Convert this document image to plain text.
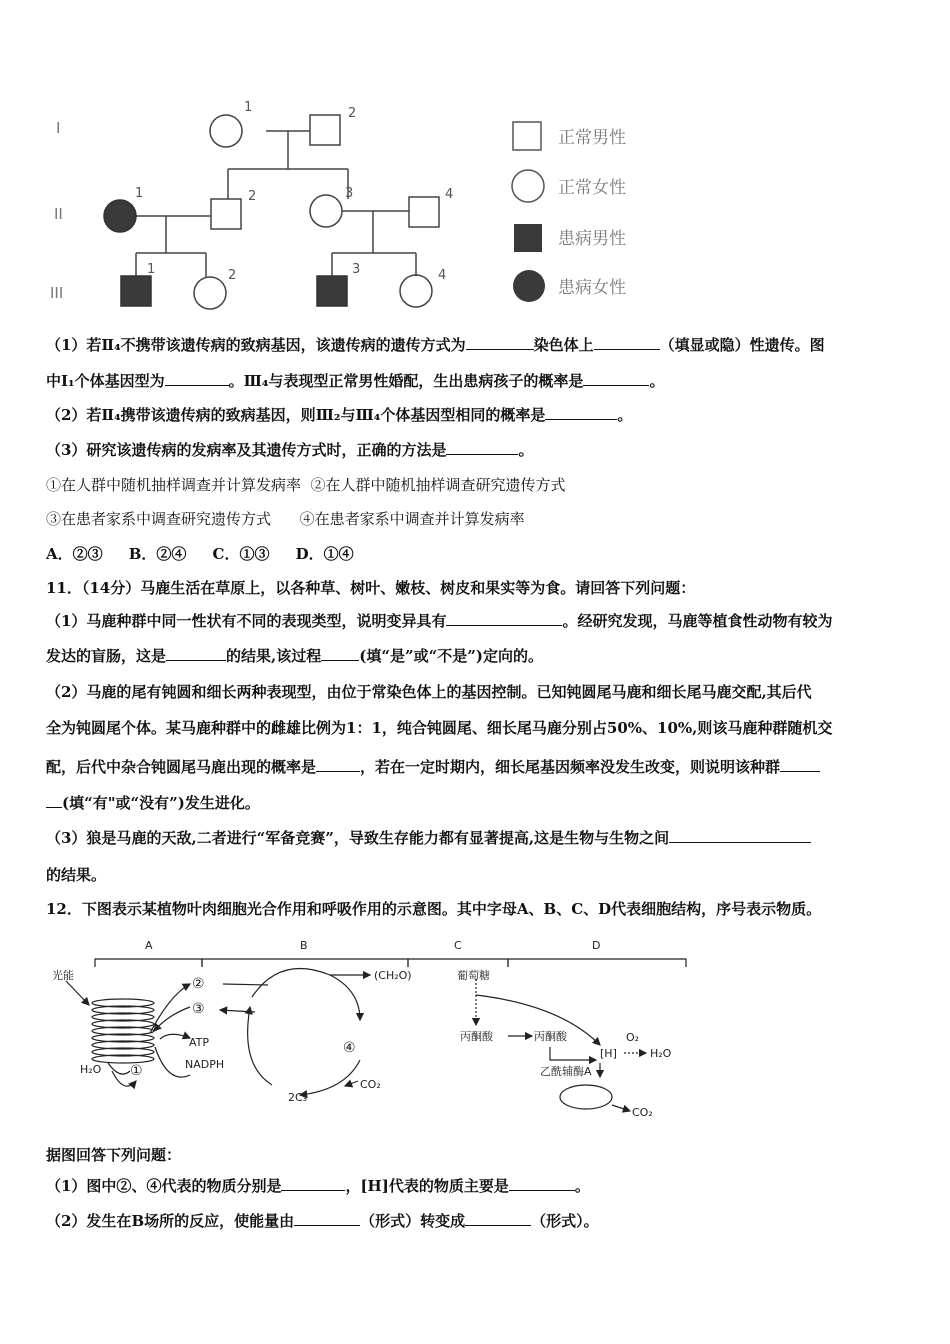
I
II
III
1	2
1	2	3	4
1	2	3	4
正常男性
正常女性
患病男性
患病女性
（1）若Ⅱ₄不携带该遗传病的致病基因，该遗传病的遗传方式为	染色体上	（填显或隐）性遗传。图
中Ⅰ₁个体基因型为	。Ⅲ₄与表现型正常男性婚配，生出患病孩子的概率是	。
（2）若Ⅱ₄携带该遗传病的致病基因，则Ⅲ₂与Ⅲ₄个体基因型相同的概率是	。
（3）研究该遗传病的发病率及其遗传方式时，正确的方法是	。
①在人群中随机抽样调查并计算发病率  ②在人群中随机抽样调查研究遗传方式
③在患者家系中调查研究遗传方式      ④在患者家系中调查并计算发病率
A．②③     B．②④     C．①③     D．①④
11．（14分）马鹿生活在草原上，以各种草、树叶、嫩枝、树皮和果实等为食。请回答下列问题：
（1）马鹿种群中同一性状有不同的表现类型，说明变异具有	。经研究发现，马鹿等植食性动物有较为
发达的盲肠，这是	的结果,该过程	(填“是”或“不是”)定向的。
（2）马鹿的尾有钝圆和细长两种表现型，由位于常染色体上的基因控制。已知钝圆尾马鹿和细长尾马鹿交配,其后代
全为钝圆尾个体。某马鹿种群中的雌雄比例为1：1，纯合钝圆尾、细长尾马鹿分别占50%、10%,则该马鹿种群随机交
配，后代中杂合钝圆尾马鹿出现的概率是	，若在一定时期内，细长尾基因频率没发生改变，则说明该种群
(填“有"或“没有”)发生进化。
（3）狼是马鹿的天敌,二者进行“军备竞赛”，导致生存能力都有显著提高,这是生物与生物之间
的结果。
12．下图表示某植物叶肉细胞光合作用和呼吸作用的示意图。其中字母A、B、C、D代表细胞结构，序号表示物质。
A	B	C	D
光能
②
③
ATP
NADPH
H₂O ①
④
CO₂
2C₃
(CH₂O)	葡萄糖
丙酮酸	丙酮酸
[H]
O₂
H₂O
乙酰辅酶A
CO₂
据图回答下列问题：
（1）图中②、④代表的物质分别是	，[H]代表的物质主要是	。
（2）发生在B场所的反应，使能量由	（形式）转变成	（形式）。
